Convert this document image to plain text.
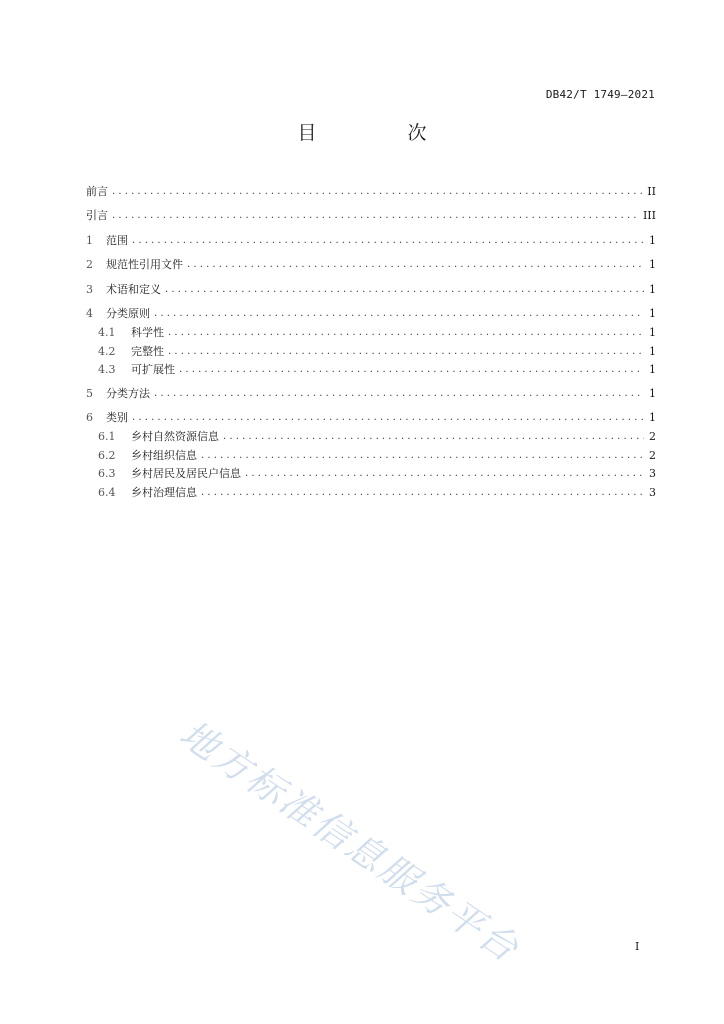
DB42/T 1749—2021
目　次
前言 . . .	II
引言 . . .	III
1	范围 . . .	1
2	规范性引用文件 . . .	1
3	术语和定义 . . .	1
4	分类原则 . . .	1
4.1	科学性 . . .	1
4.2	完整性 . . .	1
4.3	可扩展性 . . .	1
5	分类方法 . . .	1
6	类别 . . .	1
6.1	乡村自然资源信息 . . .	2
6.2	乡村组织信息 . . .	2
6.3	乡村居民及居民户信息 . . .	3
6.4	乡村治理信息 . . .	3
I
地方标准信息服务平台
